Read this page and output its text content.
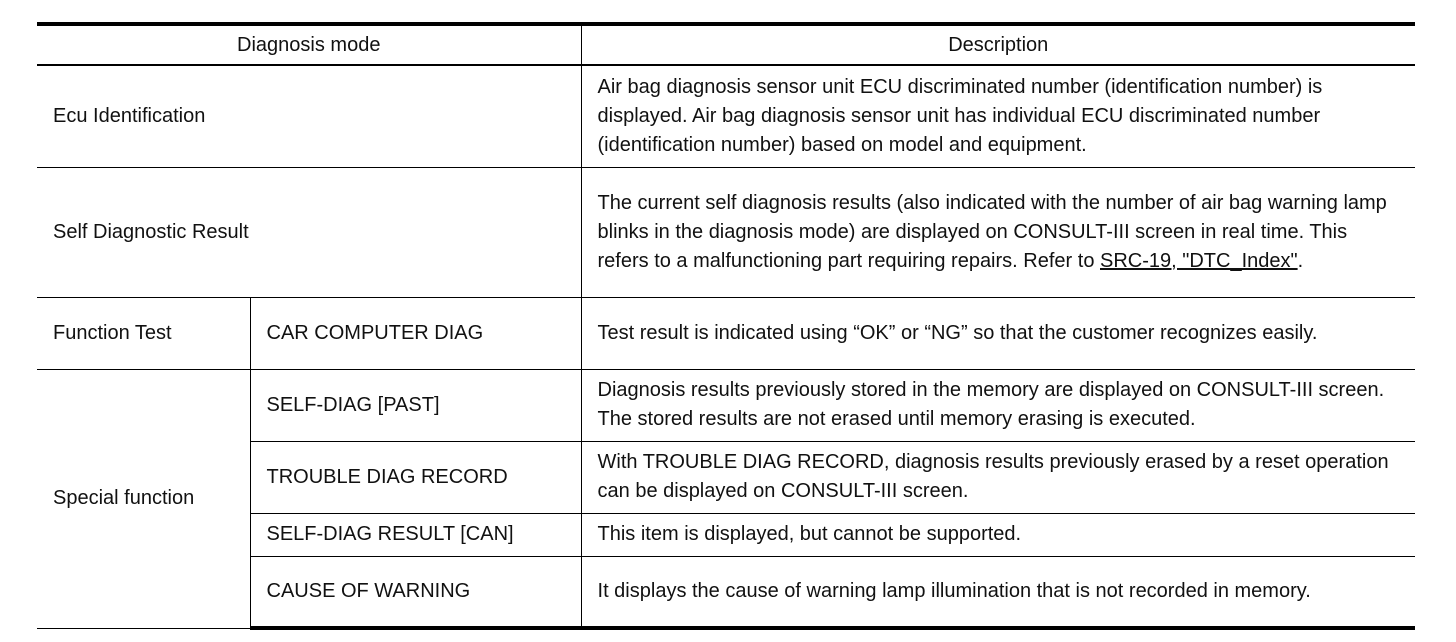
Diagnosis mode		Description
Ecu Identification		Air bag diagnosis sensor unit ECU discriminated number (identification number) is displayed. Air bag diagnosis sensor unit has individual ECU discriminated number (identification number) based on model and equipment.
Self Diagnostic Result		The current self diagnosis results (also indicated with the number of air bag warning lamp blinks in the diagnosis mode) are displayed on CONSULT-III screen in real time. This refers to a malfunctioning part requiring repairs. Refer to SRC-19, "DTC_Index".
Function Test	CAR COMPUTER DIAG	Test result is indicated using “OK” or “NG” so that the customer recognizes easily.
Special function	SELF-DIAG [PAST]	Diagnosis results previously stored in the memory are displayed on CONSULT-III screen. The stored results are not erased until memory erasing is executed.
	TROUBLE DIAG RECORD	With TROUBLE DIAG RECORD, diagnosis results previously erased by a reset operation can be displayed on CONSULT-III screen.
	SELF-DIAG RESULT [CAN]	This item is displayed, but cannot be supported.
	CAUSE OF WARNING	It displays the cause of warning lamp illumination that is not recorded in memory.
